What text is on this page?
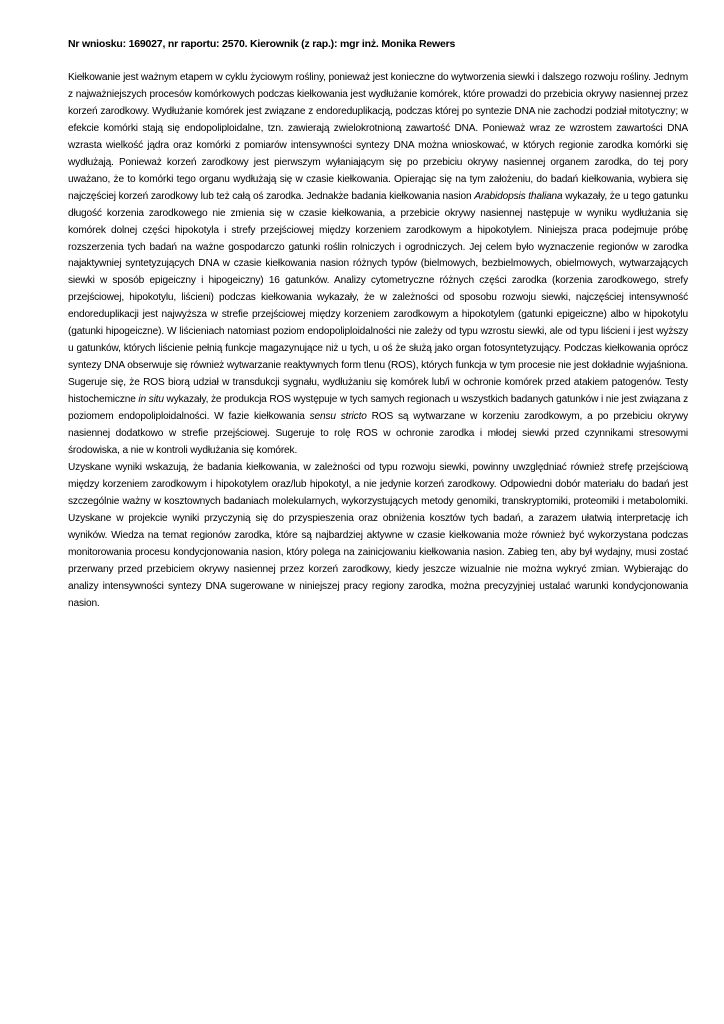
Nr wniosku: 169027, nr raportu: 2570. Kierownik (z rap.): mgr inż. Monika Rewers

Kiełkowanie jest ważnym etapem w cyklu życiowym rośliny, ponieważ jest konieczne do wytworzenia siewki i dalszego rozwoju rośliny. Jednym z najważniejszych procesów komórkowych podczas kiełkowania jest wydłużanie komórek, które prowadzi do przebicia okrywy nasiennej przez korzeń zarodkowy. Wydłużanie komórek jest związane z endoreduplikacją, podczas której po syntezie DNA nie zachodzi podział mitotyczny; w efekcie komórki stają się endopoliploidalne, tzn. zawierają zwielokrotnioną zawartość DNA. Ponieważ wraz ze wzrostem zawartości DNA wzrasta wielkość jądra oraz komórki z pomiarów intensywności syntezy DNA można wnioskować, w których regionie zarodka komórki się wydłużają. Ponieważ korzeń zarodkowy jest pierwszym wyłaniającym się po przebiciu okrywy nasiennej organem zarodka, do tej pory uważano, że to komórki tego organu wydłużają się w czasie kiełkowania. Opierając się na tym założeniu, do badań kiełkowania, wybiera się najczęściej korzeń zarodkowy lub też całą oś zarodka. Jednakże badania kiełkowania nasion Arabidopsis thaliana wykazały, że u tego gatunku długość korzenia zarodkowego nie zmienia się w czasie kiełkowania, a przebicie okrywy nasiennej następuje w wyniku wydłużania się komórek dolnej części hipokotyla i strefy przejściowej między korzeniem zarodkowym a hipokotylem. Niniejsza praca podejmuje próbę rozszerzenia tych badań na ważne gospodarczo gatunki roślin rolniczych i ogrodniczych. Jej celem było wyznaczenie regionów w zarodka najaktywniej syntetyzujących DNA w czasie kiełkowania nasion różnych typów (bielmowych, bezbielmowych, obielmowych, wytwarzających siewki w sposób epigeiczny i hipogeiczny) 16 gatunków. Analizy cytometryczne różnych części zarodka (korzenia zarodkowego, strefy przejściowej, hipokotylu, liścieni) podczas kiełkowania wykazały, że w zależności od sposobu rozwoju siewki, najczęściej intensywność endoreduplikacji jest najwyższa w strefie przejściowej między korzeniem zarodkowym a hipokotylem (gatunki epigeiczne) albo w hipokotylu (gatunki hipogeiczne). W liścieniach natomiast poziom endopoliploidalności nie zależy od typu wzrostu siewki, ale od typu liścieni i jest wyższy u gatunków, których liścienie pełnią funkcje magazynujące niż u tych, u oś że służą jako organ fotosyntetyzujący. Podczas kiełkowania oprócz syntezy DNA obserwuje się również wytwarzanie reaktywnych form tlenu (ROS), których funkcja w tym procesie nie jest dokładnie wyjaśniona. Sugeruje się, że ROS biorą udział w transdukcji sygnału, wydłużaniu się komórek lub/i w ochronie komórek przed atakiem patogenów. Testy histochemiczne in situ wykazały, że produkcja ROS występuje w tych samych regionach u wszystkich badanych gatunków i nie jest związana z poziomem endopoliploidalności. W fazie kiełkowania sensu stricto ROS są wytwarzane w korzeniu zarodkowym, a po przebiciu okrywy nasiennej dodatkowo w strefie przejściowej. Sugeruje to rolę ROS w ochronie zarodka i młodej siewki przed czynnikami stresowymi środowiska, a nie w kontroli wydłużania się komórek.

Uzyskane wyniki wskazują, że badania kiełkowania, w zależności od typu rozwoju siewki, powinny uwzględniać również strefę przejściową między korzeniem zarodkowym i hipokotylem oraz/lub hipokotyl, a nie jedynie korzeń zarodkowy. Odpowiedni dobór materiału do badań jest szczególnie ważny w kosztownych badaniach molekularnych, wykorzystujących metody genomiki, transkryptomiki, proteomiki i metabolomiki. Uzyskane w projekcie wyniki przyczynią się do przyspieszenia oraz obniżenia kosztów tych badań, a zarazem ułatwią interpretację ich wyników. Wiedza na temat regionów zarodka, które są najbardziej aktywne w czasie kiełkowania może również być wykorzystana podczas monitorowania procesu kondycjonowania nasion, który polega na zainicjowaniu kiełkowania nasion. Zabieg ten, aby był wydajny, musi zostać przerwany przed przebiciem okrywy nasiennej przez korzeń zarodkowy, kiedy jeszcze wizualnie nie można wykryć zmian. Wybierając do analizy intensywności syntezy DNA sugerowane w niniejszej pracy regiony zarodka, można precyzyjniej ustalać warunki kondycjonowania nasion.
